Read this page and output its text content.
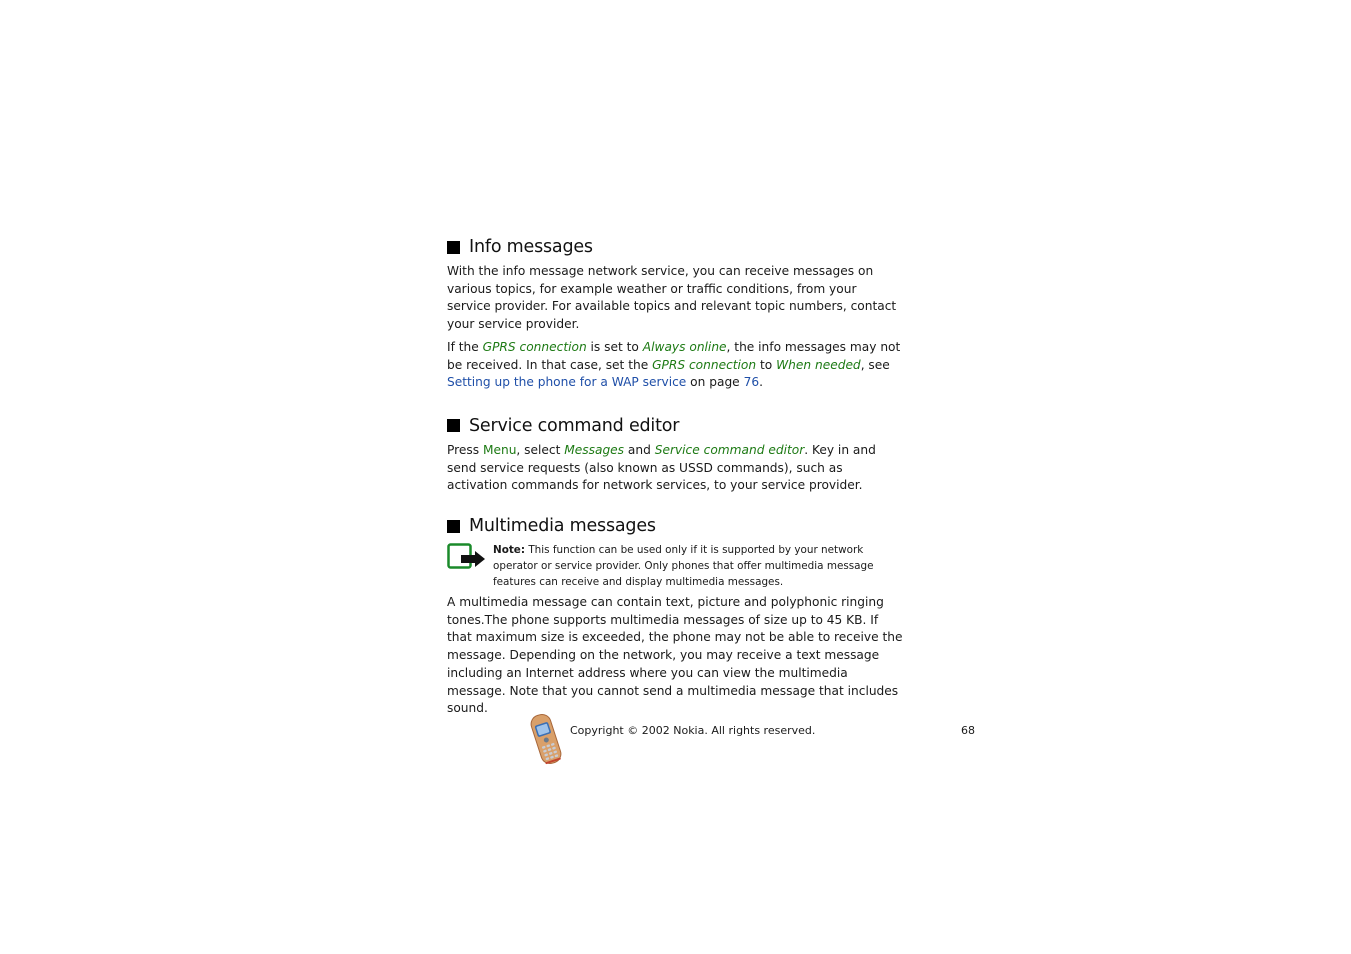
Info messages

With the info message network service, you can receive messages on various topics, for example weather or traffic conditions, from your service provider. For available topics and relevant topic numbers, contact your service provider.

If the GPRS connection is set to Always online, the info messages may not be received. In that case, set the GPRS connection to When needed, see Setting up the phone for a WAP service on page 76.

Service command editor

Press Menu, select Messages and Service command editor. Key in and send service requests (also known as USSD commands), such as activation commands for network services, to your service provider.

Multimedia messages

Note: This function can be used only if it is supported by your network operator or service provider. Only phones that offer multimedia message features can receive and display multimedia messages.

A multimedia message can contain text, picture and polyphonic ringing tones.The phone supports multimedia messages of size up to 45 KB. If that maximum size is exceeded, the phone may not be able to receive the message. Depending on the network, you may receive a text message including an Internet address where you can view the multimedia message. Note that you cannot send a multimedia message that includes sound.

Copyright © 2002 Nokia. All rights reserved.	68
